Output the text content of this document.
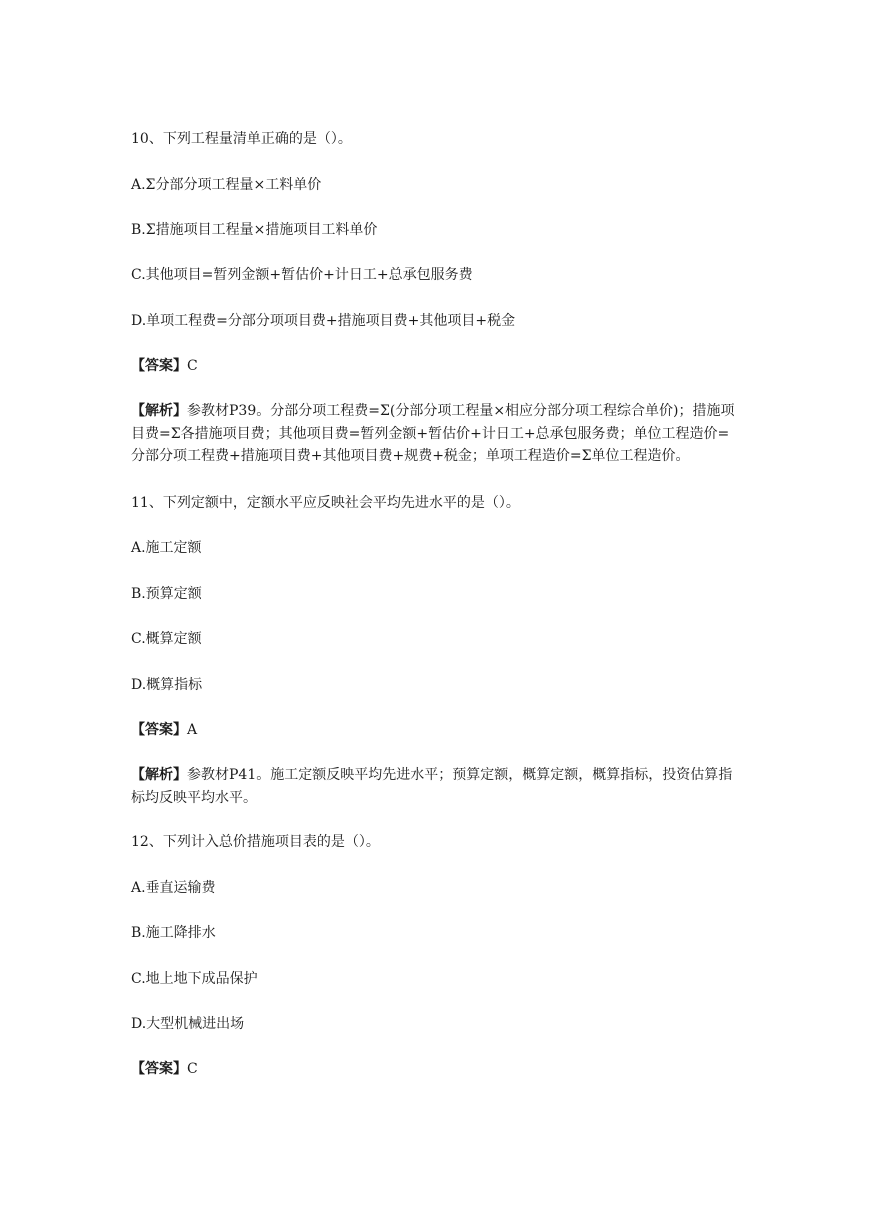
10、下列工程量清单正确的是（）。
A.Σ分部分项工程量×工料单价
B.Σ措施项目工程量×措施项目工料单价
C.其他项目=暂列金额+暂估价+计日工+总承包服务费
D.单项工程费=分部分项项目费+措施项目费+其他项目+税金
【答案】C
【解析】参教材P39。分部分项工程费=Σ(分部分项工程量×相应分部分项工程综合单价)；措施项目费=Σ各措施项目费；其他项目费=暂列金额+暂估价+计日工+总承包服务费；单位工程造价=分部分项工程费+措施项目费+其他项目费+规费+税金；单项工程造价=Σ单位工程造价。
11、下列定额中，定额水平应反映社会平均先进水平的是（）。
A.施工定额
B.预算定额
C.概算定额
D.概算指标
【答案】A
【解析】参教材P41。施工定额反映平均先进水平；预算定额，概算定额，概算指标，投资估算指标均反映平均水平。
12、下列计入总价措施项目表的是（）。
A.垂直运输费
B.施工降排水
C.地上地下成品保护
D.大型机械进出场
【答案】C
